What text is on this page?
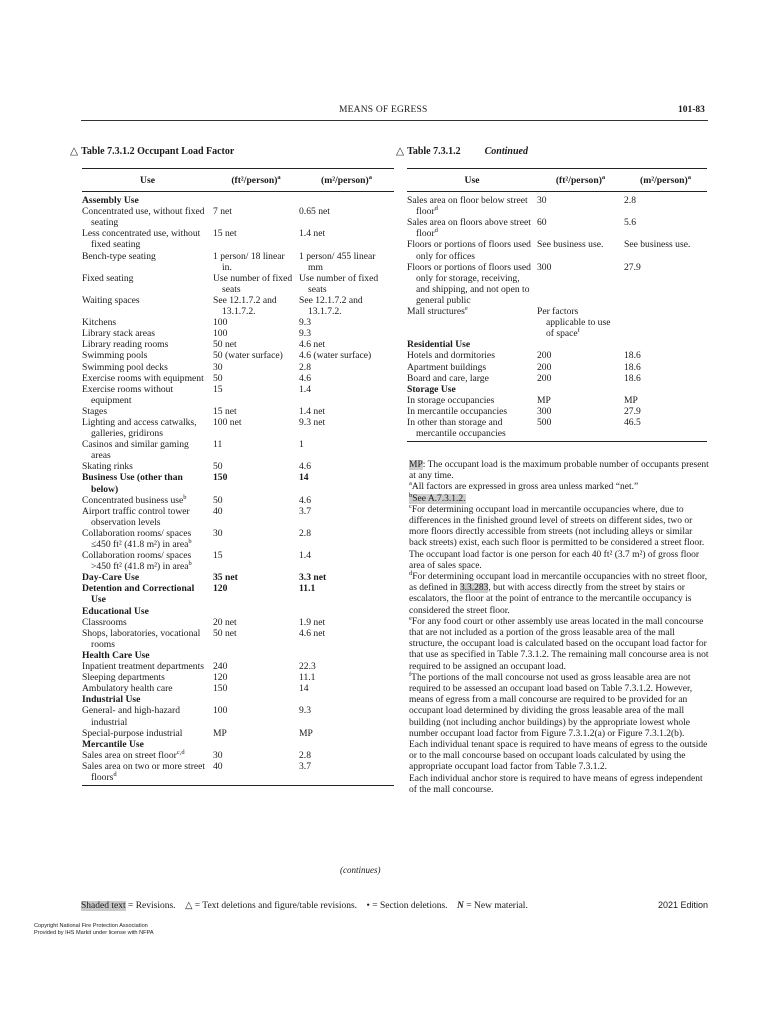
MEANS OF EGRESS	101-83
△ Table 7.3.1.2 Occupant Load Factor	△ Table 7.3.1.2 Continued
Use	(ft²/person)$^a$	(m²/person)$^a$
Assembly Use		
Concentrated use, without fixed seating	7 net	0.65 net
Less concentrated use, without fixed seating	15 net	1.4 net
Bench-type seating	1 person/ 18 linear in.	1 person/ 455 linear mm
Fixed seating	Use number of fixed seats	Use number of fixed seats
Waiting spaces	See 12.1.7.2 and 13.1.7.2.	See 12.1.7.2 and 13.1.7.2.
Kitchens	100	9.3
Library stack areas	100	9.3
Library reading rooms	50 net	4.6 net
Swimming pools	50 (water surface)	4.6 (water surface)
Swimming pool decks	30	2.8
Exercise rooms with equipment	50	4.6
Exercise rooms without equipment	15	1.4
Stages	15 net	1.4 net
Lighting and access catwalks, galleries, gridirons	100 net	9.3 net
Casinos and similar gaming areas	11	1
Skating rinks	50	4.6
Business Use (other than below)	150	14
Concentrated business use$^b$	50	4.6
Airport traffic control tower observation levels	40	3.7
Collaboration rooms/ spaces ≤450 ft² (41.8 m²) in area$^b$	30	2.8
Collaboration rooms/ spaces >450 ft² (41.8 m²) in area$^b$	15	1.4
Day-Care Use	35 net	3.3 net
Detention and Correctional Use	120	11.1
Educational Use		
Classrooms	20 net	1.9 net
Shops, laboratories, vocational rooms	50 net	4.6 net
Health Care Use		
Inpatient treatment departments	240	22.3
Sleeping departments	120	11.1
Ambulatory health care	150	14
Industrial Use		
General- and high-hazard industrial	100	9.3
Special-purpose industrial	MP	MP
Mercantile Use		
Sales area on street floor$^{c,d}$	30	2.8
Sales area on two or more street floors$^d$	40	3.7
Use	(ft²/person)$^a$	(m²/person)$^a$
Sales area on floor below street floor$^d$	30	2.8
Sales area on floors above street floor$^d$	60	5.6
Floors or portions of floors used only for offices	See business use.	See business use.
Floors or portions of floors used only for storage, receiving, and shipping, and not open to general public	300	27.9
Mall structures$^e$	Per factors applicable to use of space$^f$	
Residential Use		
Hotels and dormitories	200	18.6
Apartment buildings	200	18.6
Board and care, large	200	18.6
Storage Use		
In storage occupancies	MP	MP
In mercantile occupancies	300	27.9
In other than storage and mercantile occupancies	500	46.5

MP: The occupant load is the maximum probable number of occupants present at any time.

$^a$All factors are expressed in gross area unless marked “net.”

$^b$See A.7.3.1.2.

$^c$For determining occupant load in mercantile occupancies where, due to differences in the finished ground level of streets on different sides, two or more floors directly accessible from streets (not including alleys or similar back streets) exist, each such floor is permitted to be considered a street floor. The occupant load factor is one person for each 40 ft² (3.7 m²) of gross floor area of sales space.

$^d$For determining occupant load in mercantile occupancies with no street floor, as defined in 3.3.283, but with access directly from the street by stairs or escalators, the floor at the point of entrance to the mercantile occupancy is considered the street floor.

$^e$For any food court or other assembly use areas located in the mall concourse that are not included as a portion of the gross leasable area of the mall structure, the occupant load is calculated based on the occupant load factor for that use as specified in Table 7.3.1.2. The remaining mall concourse area is not required to be assigned an occupant load.

$^f$The portions of the mall concourse not used as gross leasable area are not required to be assessed an occupant load based on Table 7.3.1.2. However, means of egress from a mall concourse are required to be provided for an occupant load determined by dividing the gross leasable area of the mall building (not including anchor buildings) by the appropriate lowest whole number occupant load factor from Figure 7.3.1.2(a) or Figure 7.3.1.2(b).

Each individual tenant space is required to have means of egress to the outside or to the mall concourse based on occupant loads calculated by using the appropriate occupant load factor from Table 7.3.1.2.

Each individual anchor store is required to have means of egress independent of the mall concourse.

(continues)
Shaded text = Revisions. △ = Text deletions and figure/table revisions. • = Section deletions. N = New material.	2021 Edition
Copyright National Fire Protection Association
Provided by IHS Markit under license with NFPA
